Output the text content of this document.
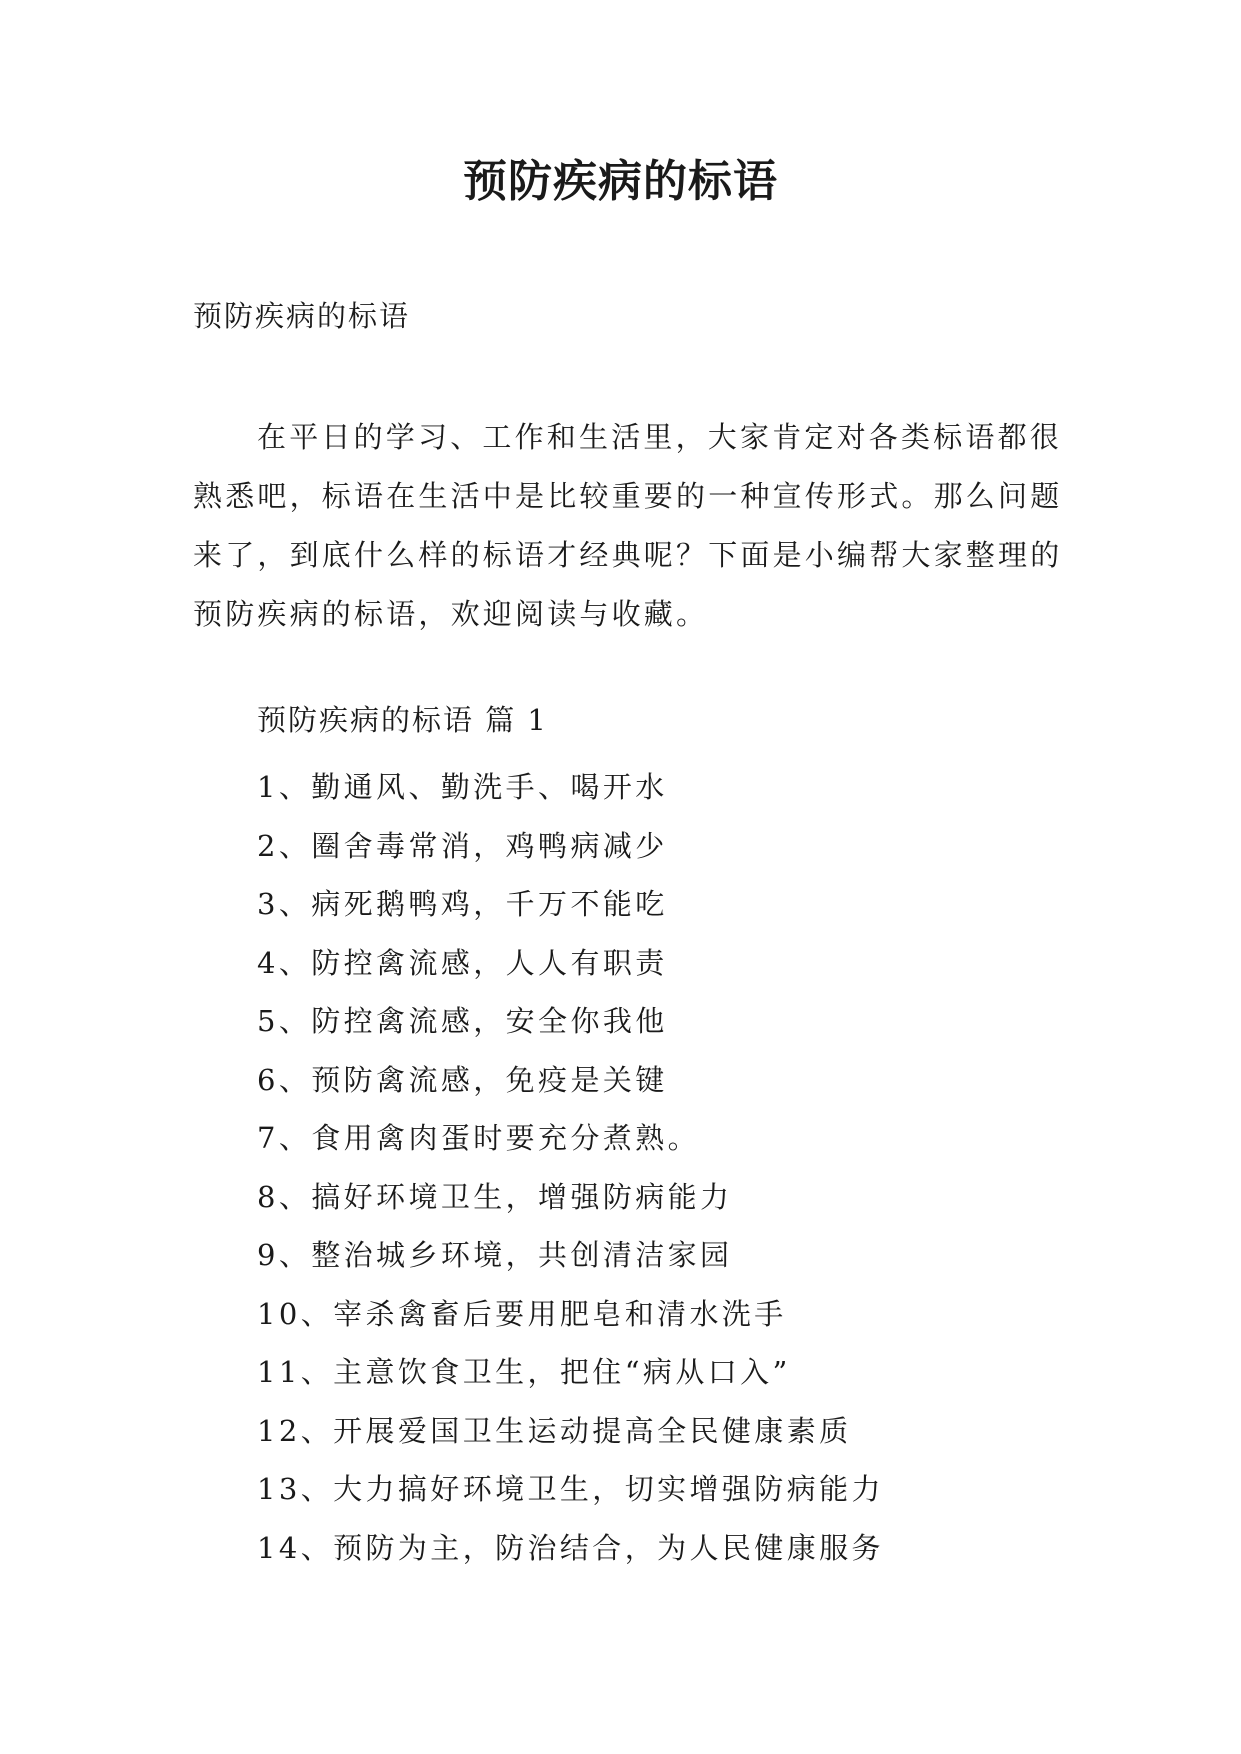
预防疾病的标语
预防疾病的标语

在平日的学习、工作和生活里，大家肯定对各类标语都很熟悉吧，标语在生活中是比较重要的一种宣传形式。那么问题来了，到底什么样的标语才经典呢？下面是小编帮大家整理的预防疾病的标语，欢迎阅读与收藏。

预防疾病的标语 篇 1
1、勤通风、勤洗手、喝开水
2、圈舍毒常消，鸡鸭病减少
3、病死鹅鸭鸡，千万不能吃
4、防控禽流感，人人有职责
5、防控禽流感，安全你我他
6、预防禽流感，免疫是关键
7、食用禽肉蛋时要充分煮熟。
8、搞好环境卫生，增强防病能力
9、整治城乡环境，共创清洁家园
10、宰杀禽畜后要用肥皂和清水洗手
11、主意饮食卫生，把住“病从口入”
12、开展爱国卫生运动提高全民健康素质
13、大力搞好环境卫生，切实增强防病能力
14、预防为主，防治结合，为人民健康服务
